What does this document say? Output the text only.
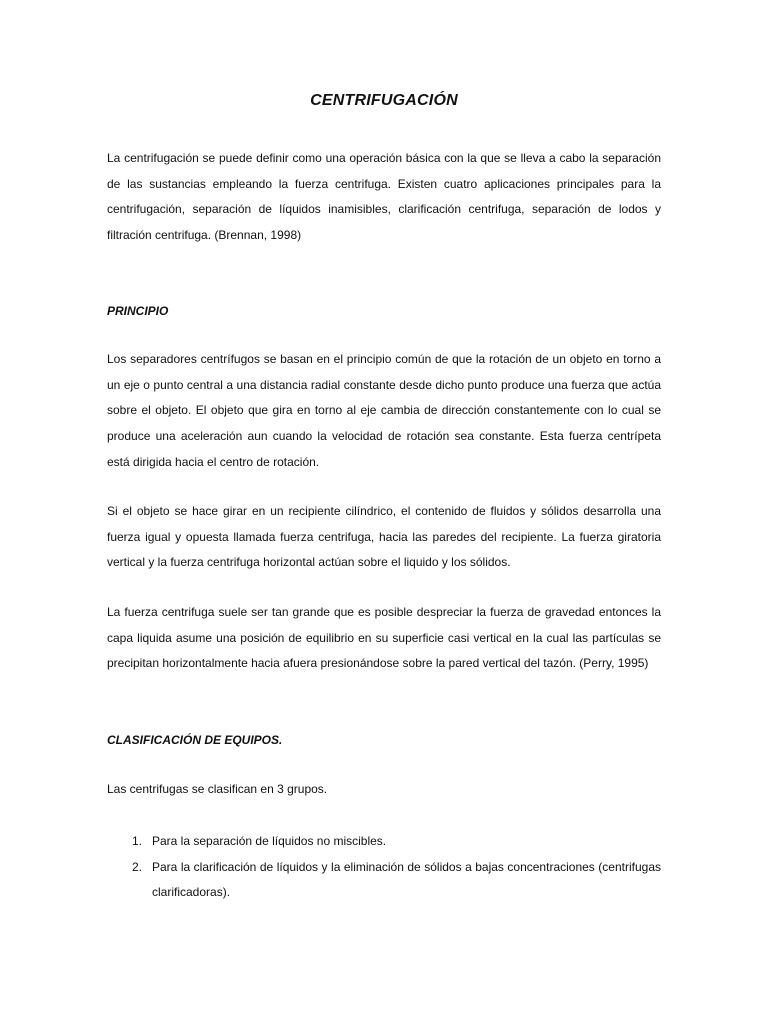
CENTRIFUGACIÓN

La centrifugación se puede definir como una operación básica con la que se lleva a cabo la separación de las sustancias empleando la fuerza centrifuga. Existen cuatro aplicaciones principales para la centrifugación, separación de líquidos inamisibles, clarificación centrifuga, separación de lodos y filtración centrifuga. (Brennan, 1998)

PRINCIPIO

Los separadores centrífugos se basan en el principio común de que la rotación de un objeto en torno a un eje o punto central a una distancia radial constante desde dicho punto produce una fuerza que actúa sobre el objeto. El objeto que gira en torno al eje cambia de dirección constantemente con lo cual se produce una aceleración aun cuando la velocidad de rotación sea constante. Esta fuerza centrípeta está dirigida hacia el centro de rotación.

Si el objeto se hace girar en un recipiente cilíndrico, el contenido de fluidos y sólidos desarrolla una fuerza igual y opuesta llamada fuerza centrifuga, hacia las paredes del recipiente. La fuerza giratoria vertical y la fuerza centrifuga horizontal actúan sobre el liquido y los sólidos.

La fuerza centrifuga suele ser tan grande que es posible despreciar la fuerza de gravedad entonces la capa liquida asume una posición de equilibrio en su superficie casi vertical en la cual las partículas se precipitan horizontalmente hacia afuera presionándose sobre la pared vertical del tazón. (Perry, 1995)

CLASIFICACIÓN DE EQUIPOS.

Las centrifugas se clasifican en 3 grupos.

1. Para la separación de líquidos no miscibles.
2. Para la clarificación de líquidos y la eliminación de sólidos a bajas concentraciones (centrifugas clarificadoras).
